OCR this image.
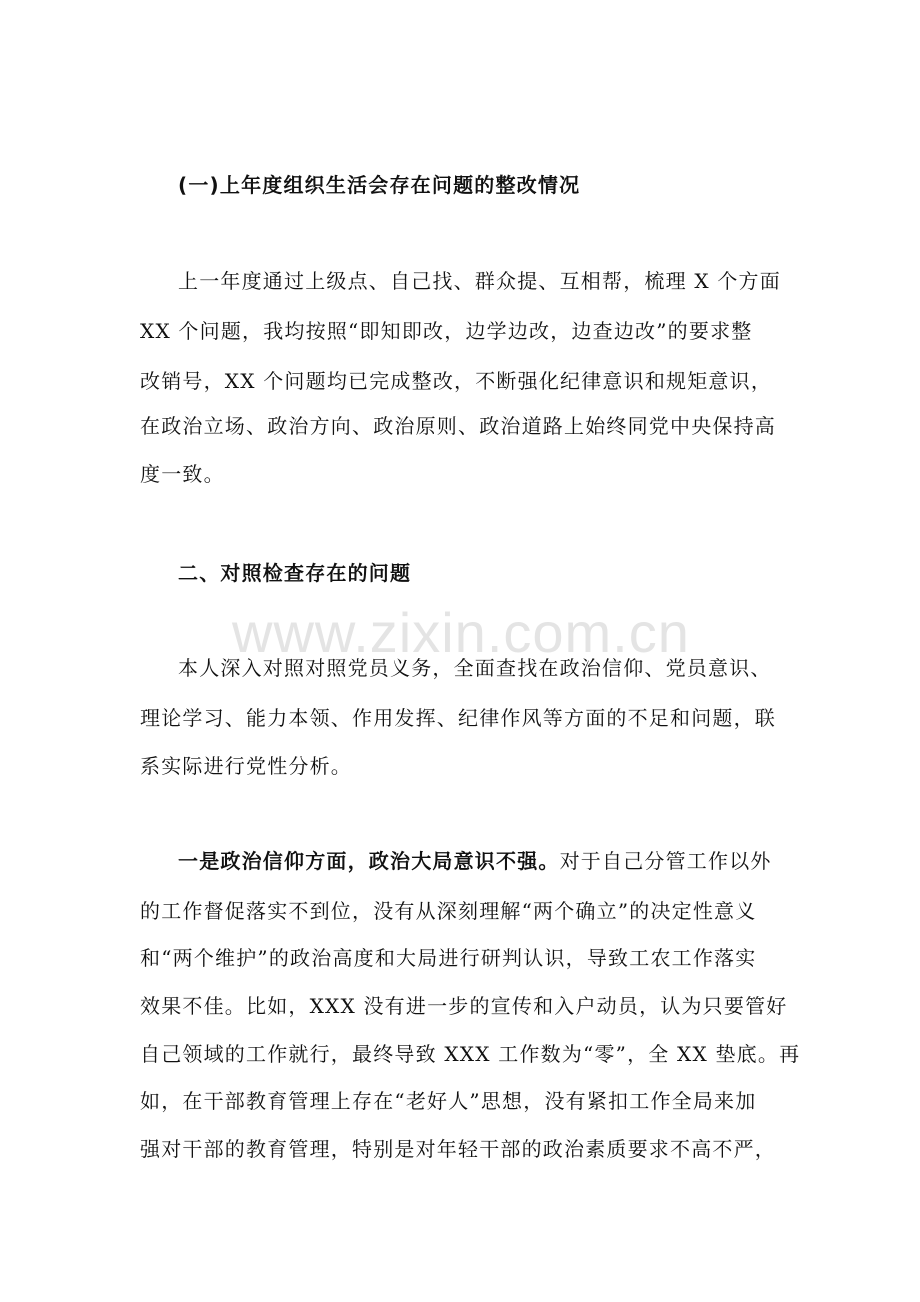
www.zixin.com.cn
(一)上年度组织生活会存在问题的整改情况
上一年度通过上级点、自己找、群众提、互相帮，梳理 X 个方面
XX 个问题，我均按照“即知即改，边学边改，边查边改”的要求整
改销号，XX 个问题均已完成整改，不断强化纪律意识和规矩意识，
在政治立场、政治方向、政治原则、政治道路上始终同党中央保持高
度一致。
二、对照检查存在的问题
本人深入对照对照党员义务，全面查找在政治信仰、党员意识、
理论学习、能力本领、作用发挥、纪律作风等方面的不足和问题，联
系实际进行党性分析。
一是政治信仰方面，政治大局意识不强。对于自己分管工作以外
的工作督促落实不到位，没有从深刻理解“两个确立”的决定性意义
和“两个维护”的政治高度和大局进行研判认识，导致工农工作落实
效果不佳。比如，XXX 没有进一步的宣传和入户动员，认为只要管好
自己领域的工作就行，最终导致 XXX 工作数为“零”，全 XX 垫底。再
如，在干部教育管理上存在“老好人”思想，没有紧扣工作全局来加
强对干部的教育管理，特别是对年轻干部的政治素质要求不高不严，
